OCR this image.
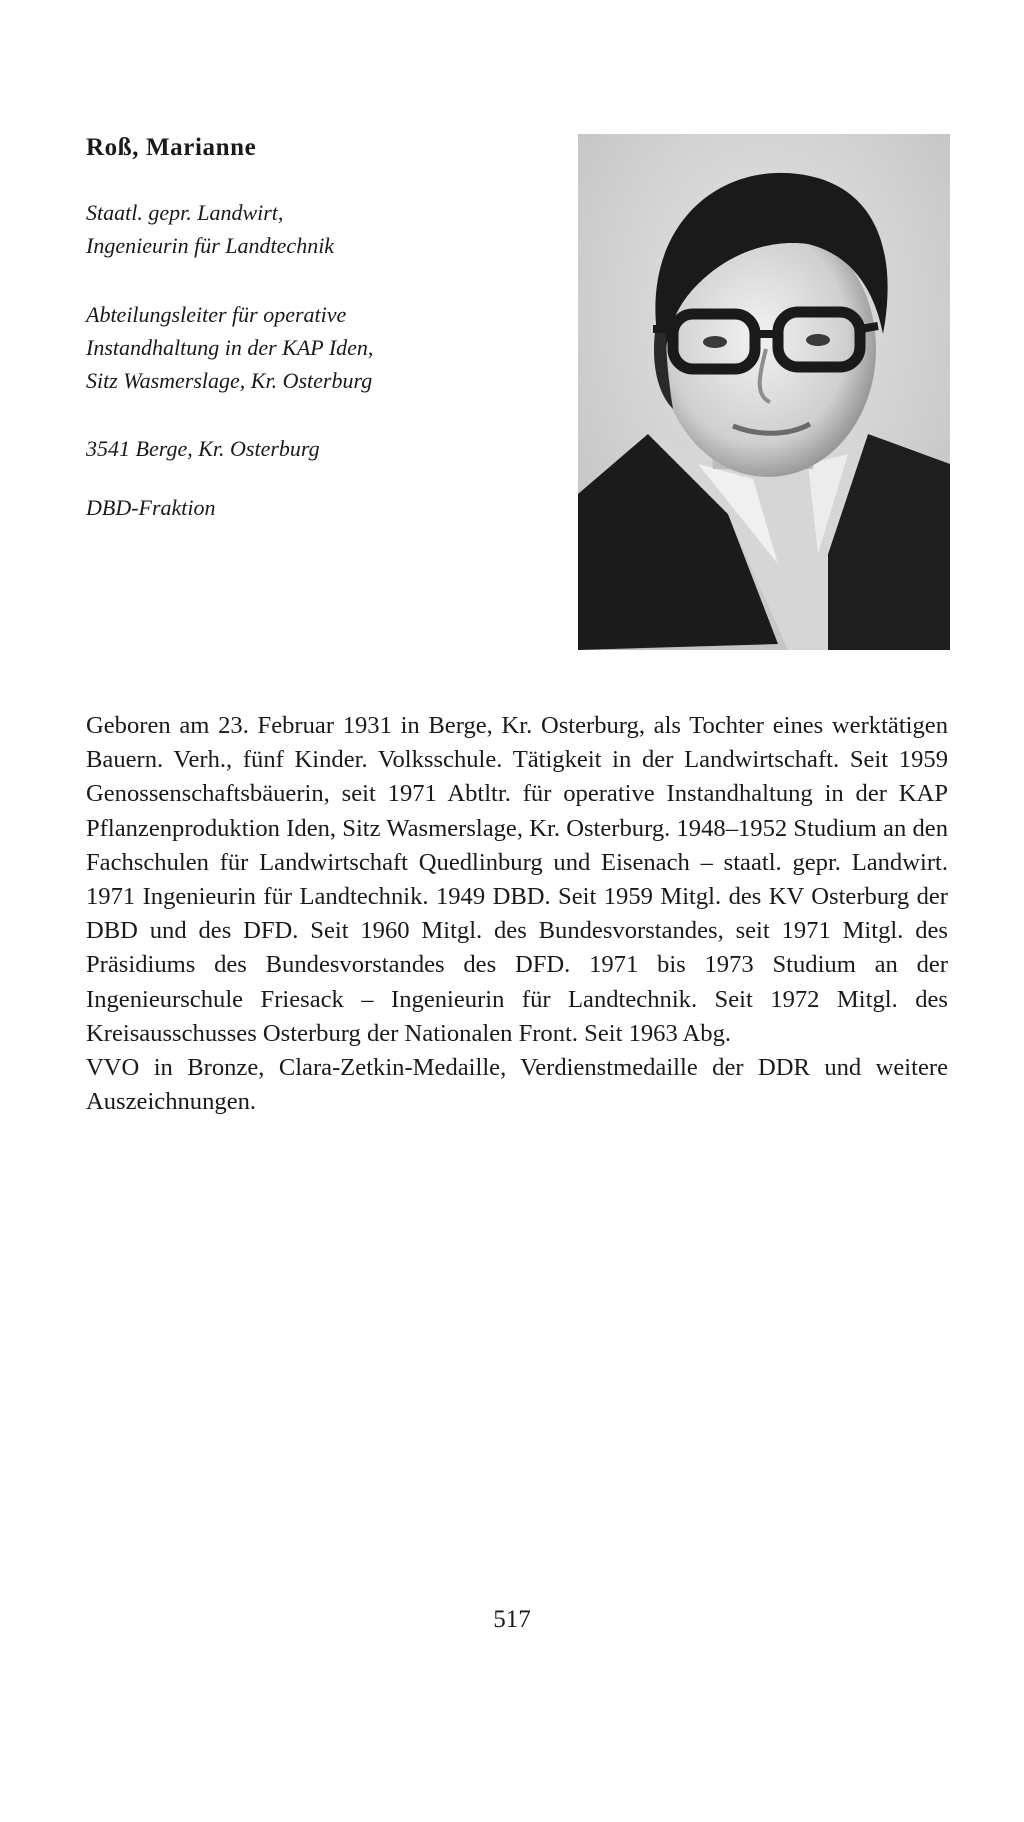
Roß, Marianne
Staatl. gepr. Landwirt,
Ingenieurin für Landtechnik
Abteilungsleiter für operative
Instandhaltung in der KAP Iden,
Sitz Wasmerslage, Kr. Osterburg
3541 Berge, Kr. Osterburg
DBD-Fraktion

Geboren am 23. Februar 1931 in Berge, Kr. Osterburg, als Tochter eines werktätigen Bauern. Verh., fünf Kinder. Volksschule. Tätigkeit in der Landwirtschaft. Seit 1959 Genossenschaftsbäuerin, seit 1971 Abtltr. für operative Instandhaltung in der KAP Pflanzenproduktion Iden, Sitz Wasmerslage, Kr. Osterburg. 1948–1952 Studium an den Fachschulen für Landwirtschaft Quedlinburg und Eisenach – staatl. gepr. Landwirt. 1971 Ingenieurin für Landtechnik. 1949 DBD. Seit 1959 Mitgl. des KV Osterburg der DBD und des DFD. Seit 1960 Mitgl. des Bundesvorstandes, seit 1971 Mitgl. des Präsidiums des Bundesvorstandes des DFD. 1971 bis 1973 Studium an der Ingenieurschule Friesack – Ingenieurin für Landtechnik. Seit 1972 Mitgl. des Kreisausschusses Osterburg der Nationalen Front. Seit 1963 Abg.

VVO in Bronze, Clara-Zetkin-Medaille, Verdienstmedaille der DDR und weitere Auszeichnungen.

517
